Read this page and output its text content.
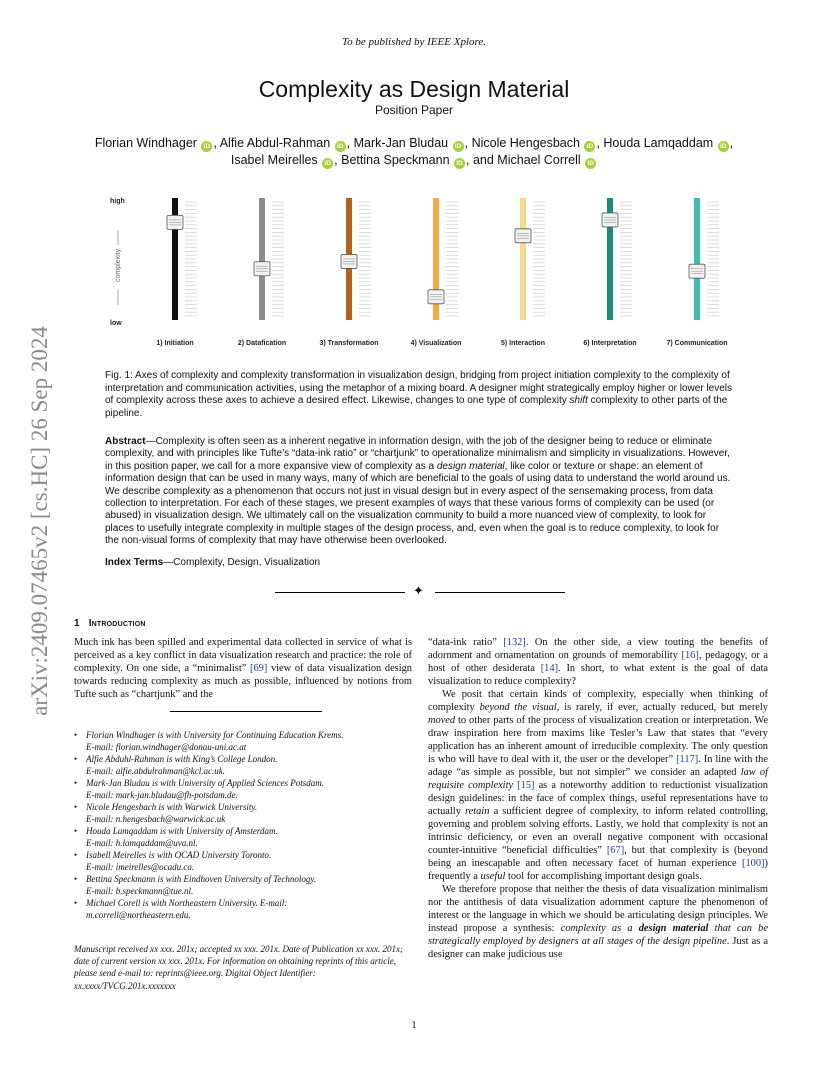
To be published by IEEE Xplore.
Complexity as Design Material
Position Paper
Florian Windhager iD , Alfie Abdul-Rahman iD , Mark-Jan Bludau iD , Nicole Hengesbach iD , Houda Lamqaddam iD ,
Isabel Meirelles iD , Bettina Speckmann iD , and Michael Correll iD
arXiv:2409.07465v2 [cs.HC] 26 Sep 2024
high
low
complexity
1) Initiation	2) Datafication	3) Transformation	4) Visualization	5) Interaction	6) Interpretation	7) Communication
Fig. 1: Axes of complexity and complexity transformation in visualization design, bridging from project initiation complexity to the complexity of interpretation and communication activities, using the metaphor of a mixing board. A designer might strategically employ higher or lower levels of complexity across these axes to achieve a desired effect. Likewise, changes to one type of complexity shift complexity to other parts of the pipeline.
Abstract—Complexity is often seen as a inherent negative in information design, with the job of the designer being to reduce or eliminate complexity, and with principles like Tufte’s “data-ink ratio” or “chartjunk” to operationalize minimalism and simplicity in visualizations. However, in this position paper, we call for a more expansive view of complexity as a design material, like color or texture or shape: an element of information design that can be used in many ways, many of which are beneficial to the goals of using data to understand the world around us. We describe complexity as a phenomenon that occurs not just in visual design but in every aspect of the sensemaking process, from data collection to interpretation. For each of these stages, we present examples of ways that these various forms of complexity can be used (or abused) in visualization design. We ultimately call on the visualization community to build a more nuanced view of complexity, to look for places to usefully integrate complexity in multiple stages of the design process, and, even when the goal is to reduce complexity, to look for the non-visual forms of complexity that may have otherwise been overlooked.
Index Terms—Complexity, Design, Visualization
✦
1 Introduction

Much ink has been spilled and experimental data collected in service of what is perceived as a key conflict in data visualization research and practice: the role of complexity. On one side, a “minimalist” [69] view of data visualization design towards reducing complexity as much as possible, influenced by notions from Tufte such as “chartjunk” and the

• Florian Windhager is with University for Continuing Education Krems.
E-mail: florian.windhager@donau-uni.ac.at
• Alfie Abduhl-Rahman is with King’s College London.
E-mail: alfie.abdulrahman@kcl.ac.uk.
• Mark-Jan Bludau is with University of Applied Sciences Potsdam.
E-mail: mark-jan.bludau@fh-potsdam.de.
• Nicole Hengesbach is with Warwick University.
E-mail: n.hengesbach@warwick.ac.uk
• Houda Lamqaddam is with University of Amsterdam.
E-mail: h.lamqaddam@uva.nl.
• Isabell Meirelles is with OCAD University Toronto.
E-mail: imeirelles@ocadu.ca.
• Bettina Speckmann is with Eindhoven University of Technology.
E-mail: b.speckmann@tue.nl.
• Michael Corell is with Northeastern University. E-mail:
m.correll@northeastern.edu.
Manuscript received xx xxx. 201x; accepted xx xxx. 201x. Date of Publication xx xxx. 201x; date of current version xx xxx. 201x. For information on obtaining reprints of this article, please send e-mail to: reprints@ieee.org. Digital Object Identifier: xx.xxxx/TVCG.201x.xxxxxxx

“data-ink ratio” [132]. On the other side, a view touting the benefits of adornment and ornamentation on grounds of memorability [16], pedagogy, or a host of other desiderata [14]. In short, to what extent is the goal of data visualization to reduce complexity?

We posit that certain kinds of complexity, especially when thinking of complexity beyond the visual, is rarely, if ever, actually reduced, but merely moved to other parts of the process of visualization creation or interpretation. We draw inspiration here from maxims like Tesler’s Law that states that “every application has an inherent amount of irreducible complexity. The only question is who will have to deal with it, the user or the developer” [117]. In line with the adage “as simple as possible, but not simpler” we consider an adapted law of requisite complexity [15] as a noteworthy addition to reductionist visualization design guidelines: in the face of complex things, useful representations have to actually retain a sufficient degree of complexity, to inform related controlling, governing and problem solving efforts. Lastly, we hold that complexity is not an intrinsic deficiency, or even an overall negative component with occasional counter-intuitive “beneficial difficulties” [67], but that complexity is (beyond being an inescapable and often necessary facet of human experience [100]) frequently a useful tool for accomplishing important design goals.

We therefore propose that neither the thesis of data visualization minimalism nor the antithesis of data visualization adornment capture the phenomenon of interest or the language in which we should be articulating design principles. We instead propose a synthesis: complexity as a design material that can be strategically employed by designers at all stages of the design pipeline. Just as a designer can make judicious use

1
